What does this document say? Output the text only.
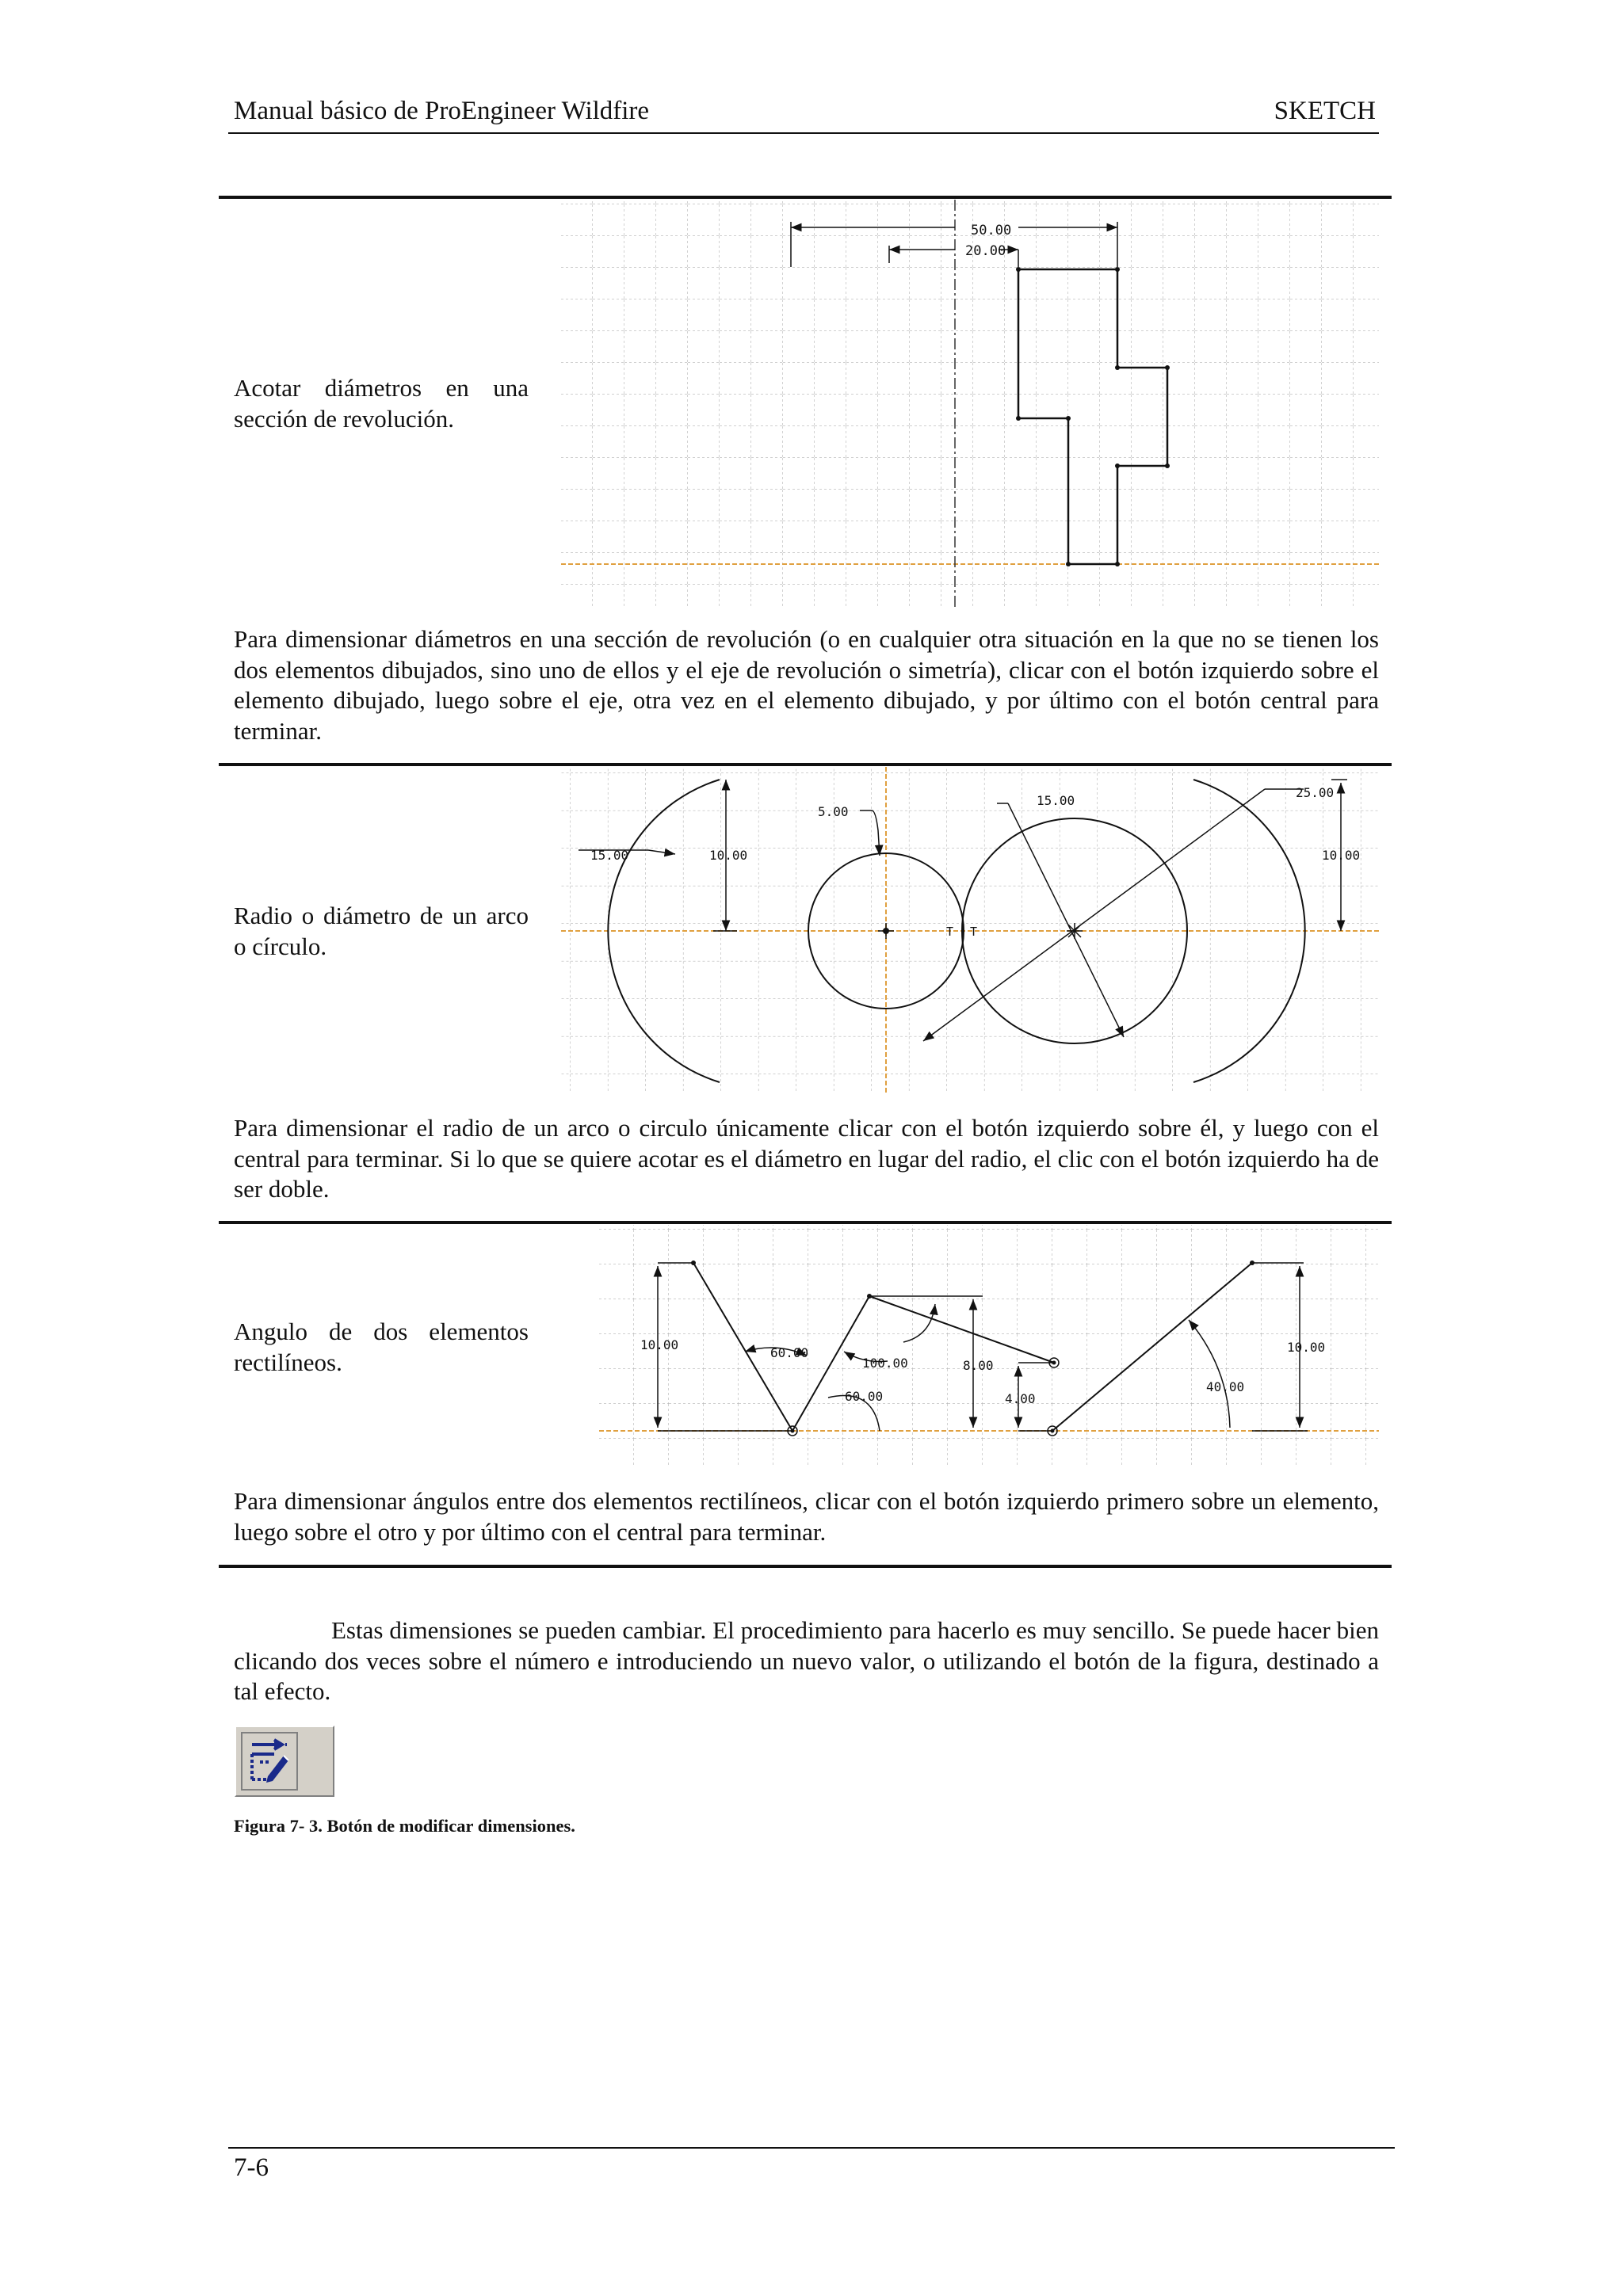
Manual básico de ProEngineer Wildfire	SKETCH
Acotar diámetros en una sección de revolución.
50.00
20.00
Para dimensionar diámetros en una sección de revolución (o en cualquier otra situación en la que no se tienen los dos elementos dibujados, sino uno de ellos y el eje de revolución o simetría), clicar con el botón izquierdo sobre el elemento dibujado, luego sobre el eje, otra vez en el elemento dibujado, y por último con el botón central para terminar.
Radio o diámetro de un arco o círculo.
15.00	10.00
5.00
15.00
25.00
10.00
T T
Para dimensionar el radio de un arco o circulo únicamente clicar con el botón izquierdo sobre él, y luego con el central para terminar. Si lo que se quiere acotar es el diámetro en lugar del radio, el clic con el botón izquierdo ha de ser doble.
Angulo de dos elementos rectilíneos.
10.00
60.00
100.00
60.00
8.00
4.00
40.00
10.00
Para dimensionar ángulos entre dos elementos rectilíneos, clicar con el botón izquierdo primero sobre un elemento, luego sobre el otro y por último con el central para terminar.
Estas dimensiones se pueden cambiar. El procedimiento para hacerlo es muy sencillo. Se puede hacer bien clicando dos veces sobre el número e introduciendo un nuevo valor, o utilizando el botón de la figura, destinado a tal efecto.
Figura 7- 3. Botón de modificar dimensiones.
7-6
